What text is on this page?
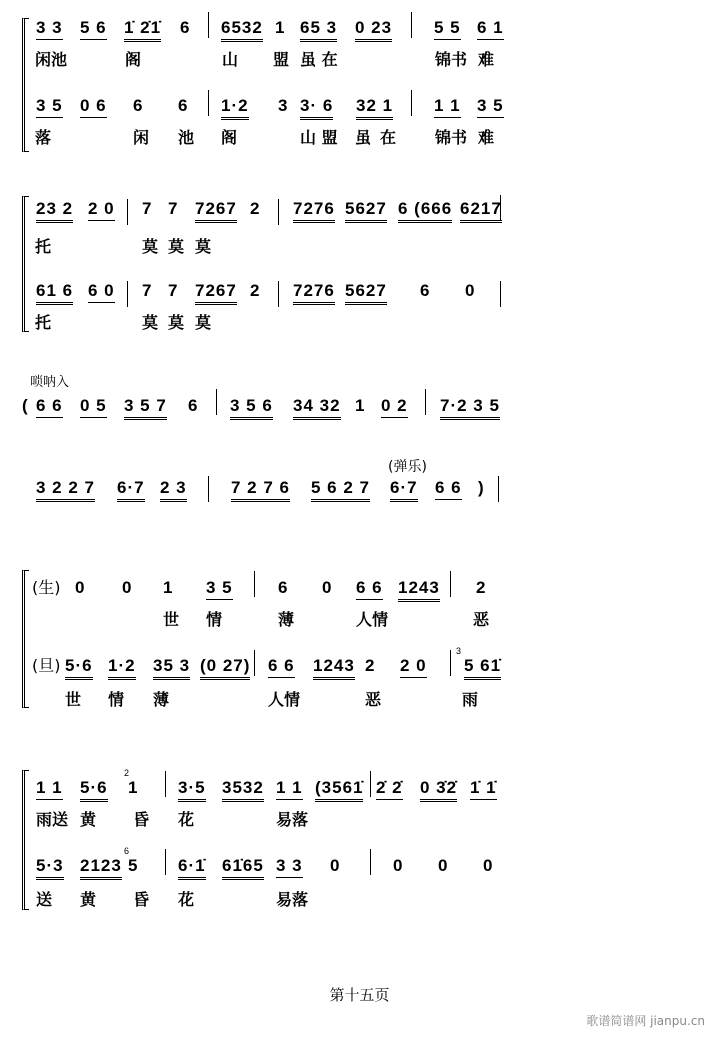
唢呐入
(弹乐)
第十五页
歌谱简谱网 jianpu.cn
3 3 5 6 1̇ 2̇1̇ 6 6532 1 65 3 0 23 5 5 6 1
闲池	阁	山 盟 虽 在	锦书 难
3 5 0 6 6 6 1·2 3 3· 6 32 1 1 1 3 5
落	闲 池 阁	山 盟 虽 在 锦书 难
23 2 2 0 7 7 7267 2 7276 5627 6 (666 6217
托	莫 莫 莫
61 6 6 0 7 7 7267 2 7276 5627 6 0
托	莫 莫 莫
( 6 6 0 5 3 5 7 6 3 5 6 34 32 1 0 2 7·2 3 5
3 2 2 7 6·7 2 3	7 2 7 6 5 6 2 7 6·7 6 6 )
(生) 0 0 1 3 5	6 0 6 6 1243 2
世 情	薄	人情	恶
(旦) 5·6 1·2 35 3 (0 27) 6 6 1243 2 2 0 5 61̇
3
世 情 薄	人情	恶	雨
1 1 5·6 1 3·5 3532 1 1 (3561̇ 2̇ 2̇ 0 3̇2̇ 1̇ 1̇
2
雨送 黄 昏 花	易落
5·3 2123 5 6·1̇ 61̇65 3 3 0	0 0 0
6
送 黄 昏 花	易落
